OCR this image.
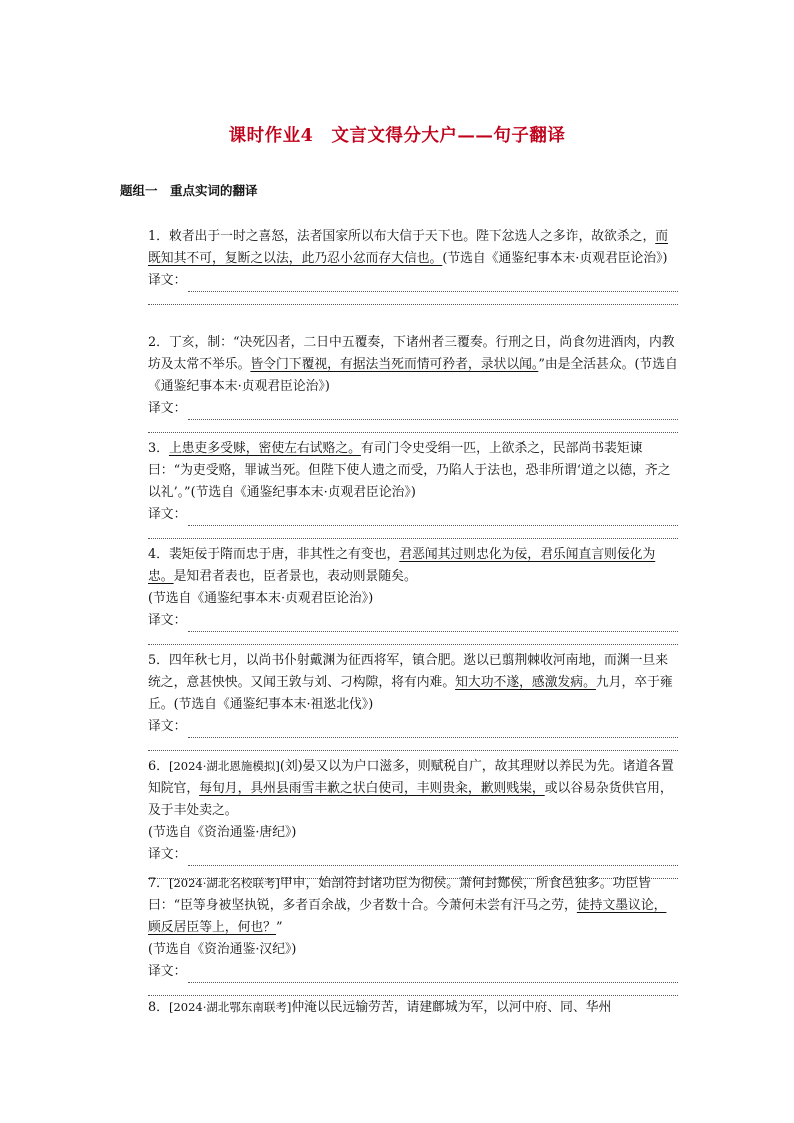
课时作业4　文言文得分大户——句子翻译
题组一　重点实词的翻译

1．敕者出于一时之喜怒，法者国家所以布大信于天下也。陛下忿选人之多诈，故欲杀之，而既知其不可，复断之以法，此乃忍小忿而存大信也。(节选自《通鉴纪事本末·贞观君臣论治》)

译文：

2．丁亥，制：“决死囚者，二日中五覆奏，下诸州者三覆奏。行刑之日，尚食勿进酒肉，内教坊及太常不举乐。皆令门下覆视，有据法当死而情可矜者，录状以闻。”由是全活甚众。(节选自《通鉴纪事本末·贞观君臣论治》)

译文：

3．上患吏多受赇，密使左右试赂之。有司门令史受绢一匹，上欲杀之，民部尚书裴矩谏曰：“为吏受赂，罪诚当死。但陛下使人遗之而受，乃陷人于法也，恐非所谓‘道之以德，齐之以礼’。”(节选自《通鉴纪事本末·贞观君臣论治》)

译文：

4．裴矩佞于隋而忠于唐，非其性之有变也，君恶闻其过则忠化为佞，君乐闻直言则佞化为忠。是知君者表也，臣者景也，表动则景随矣。

(节选自《通鉴纪事本末·贞观君臣论治》)
译文：

5．四年秋七月，以尚书仆射戴渊为征西将军，镇合肥。逖以已翦荆棘收河南地，而渊一旦来统之，意甚怏怏。又闻王敦与刘、刁构隙，将有内难。知大功不遂，感激发病。九月，卒于雍丘。(节选自《通鉴纪事本末·祖逖北伐》)

译文：

6．[2024·湖北恩施模拟](刘)晏又以为户口滋多，则赋税自广，故其理财以养民为先。诸道各置知院官，每旬月，具州县雨雪丰歉之状白使司，丰则贵籴，歉则贱粜，或以谷易杂货供官用，及于丰处卖之。

(节选自《资治通鉴·唐纪》)
译文：

7．[2024·湖北名校联考]甲申，始剖符封诸功臣为彻侯。萧何封酂侯，所食邑独多。功臣皆曰：“臣等身被坚执锐，多者百余战，少者数十合。今萧何未尝有汗马之劳，徒持文墨议论，顾反居臣等上，何也？”

(节选自《资治通鉴·汉纪》)
译文：

8．[2024·湖北鄂东南联考]仲淹以民远输劳苦，请建鄜城为军，以河中府、同、华州
